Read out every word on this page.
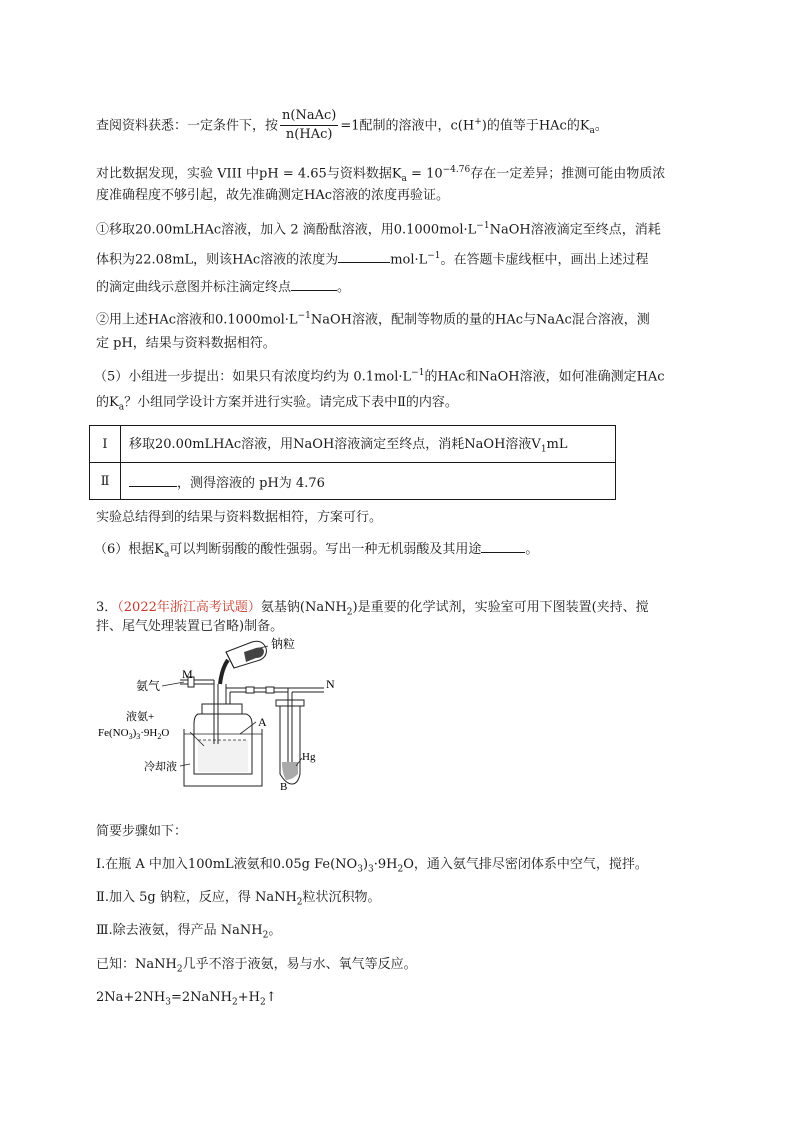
查阅资料获悉：一定条件下，按 $\frac{\text{n(NaAc)}}{\text{n(HAc)}} =1$配制的溶液中，c(H+)的值等于HAc的$K_a$。
对比数据发现，实验 VIII 中pH = 4.65与资料数据$K_a = 10^{-4.76}$存在一定差异；推测可能由物质浓
度准确程度不够引起，故先准确测定HAc溶液的浓度再验证。
①移取20.00mLHAc溶液，加入 2 滴酚酞溶液，用$0.1000mol\cdot L^{-1}NaOH$溶液滴定至终点，消耗
体积为22.08mL，则该HAc溶液的浓度为	$mol\cdot L^{-1}$。在答题卡虚线框中，画出上述过程
的滴定曲线示意图并标注滴定终点	。
②用上述HAc溶液和$0.1000mol\cdot L^{-1}NaOH$溶液，配制等物质的量的HAc与NaAc混合溶液，测
定 pH，结果与资料数据相符。
（5）小组进一步提出：如果只有浓度均约为 $0.1mol\cdot L^{-1}$的HAc和NaOH溶液，如何准确测定HAc
的$K_a$？小组同学设计方案并进行实验。请完成下表中Ⅱ的内容。
Ⅰ	移取20.00mLHAc溶液，用NaOH溶液滴定至终点，消耗NaOH溶液$V_1mL$
Ⅱ	，测得溶液的 pH为 4.76
实验总结得到的结果与资料数据相符，方案可行。
（6）根据$K_a$可以判断弱酸的酸性强弱。写出一种无机弱酸及其用途	。
3．（2022年浙江高考试题）氨基钠(NaNH$_2$)是重要的化学试剂，实验室可用下图装置(夹持、搅
拌、尾气处理装置已省略)制备。
钠粒
M
氨气	N
液氨+
$Fe(NO_3)_3\cdot 9H_2O$
A
冷却液
Hg
B
简要步骤如下：
Ⅰ.在瓶 A 中加入100mL液氨和0.05g $Fe(NO_3)_3\cdot 9H_2O$，通入氨气排尽密闭体系中空气，搅拌。
Ⅱ.加入 5g 钠粒，反应，得 NaNH$_2$粒状沉积物。
Ⅲ.除去液氨，得产品 NaNH$_2$。
已知：NaNH$_2$几乎不溶于液氨，易与水、氧气等反应。
$2Na+2NH_3=2NaNH_2+H_2↑$
